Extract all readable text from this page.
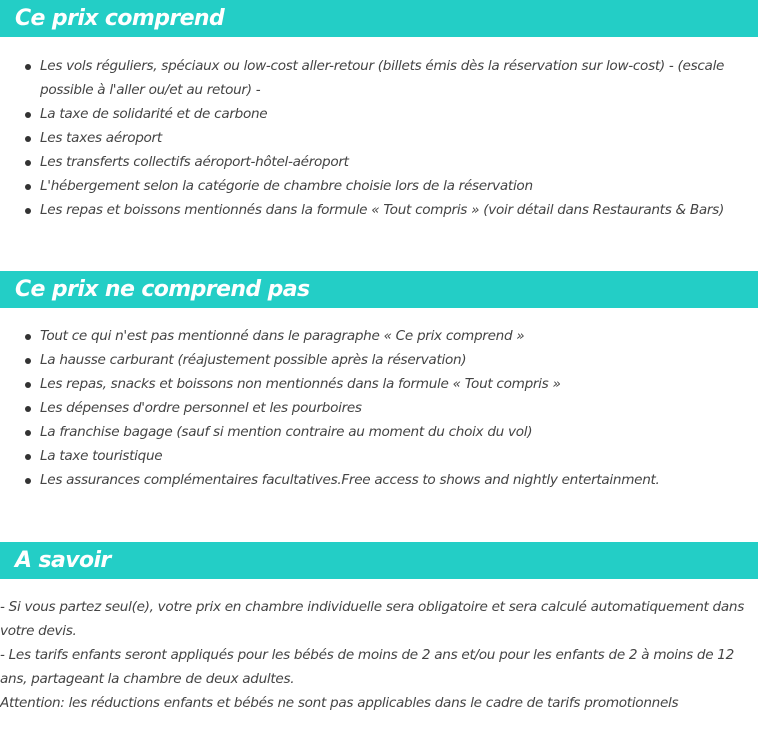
Ce prix comprend
Les vols réguliers, spéciaux ou low-cost aller-retour (billets émis dès la réservation sur low-cost) - (escale possible à l'aller ou/et au retour) -
La taxe de solidarité et de carbone
Les taxes aéroport
Les transferts collectifs aéroport-hôtel-aéroport
L'hébergement selon la catégorie de chambre choisie lors de la réservation
Les repas et boissons mentionnés dans la formule « Tout compris » (voir détail dans Restaurants & Bars)
Ce prix ne comprend pas
Tout ce qui n'est pas mentionné dans le paragraphe « Ce prix comprend »
La hausse carburant (réajustement possible après la réservation)
Les repas, snacks et boissons non mentionnés dans la formule « Tout compris »
Les dépenses d'ordre personnel et les pourboires
La franchise bagage (sauf si mention contraire au moment du choix du vol)
La taxe touristique
Les assurances complémentaires facultatives.Free access to shows and nightly entertainment.
A savoir

- Si vous partez seul(e), votre prix en chambre individuelle sera obligatoire et sera calculé automatiquement dans votre devis.

- Les tarifs enfants seront appliqués pour les bébés de moins de 2 ans et/ou pour les enfants de 2 à moins de 12 ans, partageant la chambre de deux adultes.

Attention: les réductions enfants et bébés ne sont pas applicables dans le cadre de tarifs promotionnels
